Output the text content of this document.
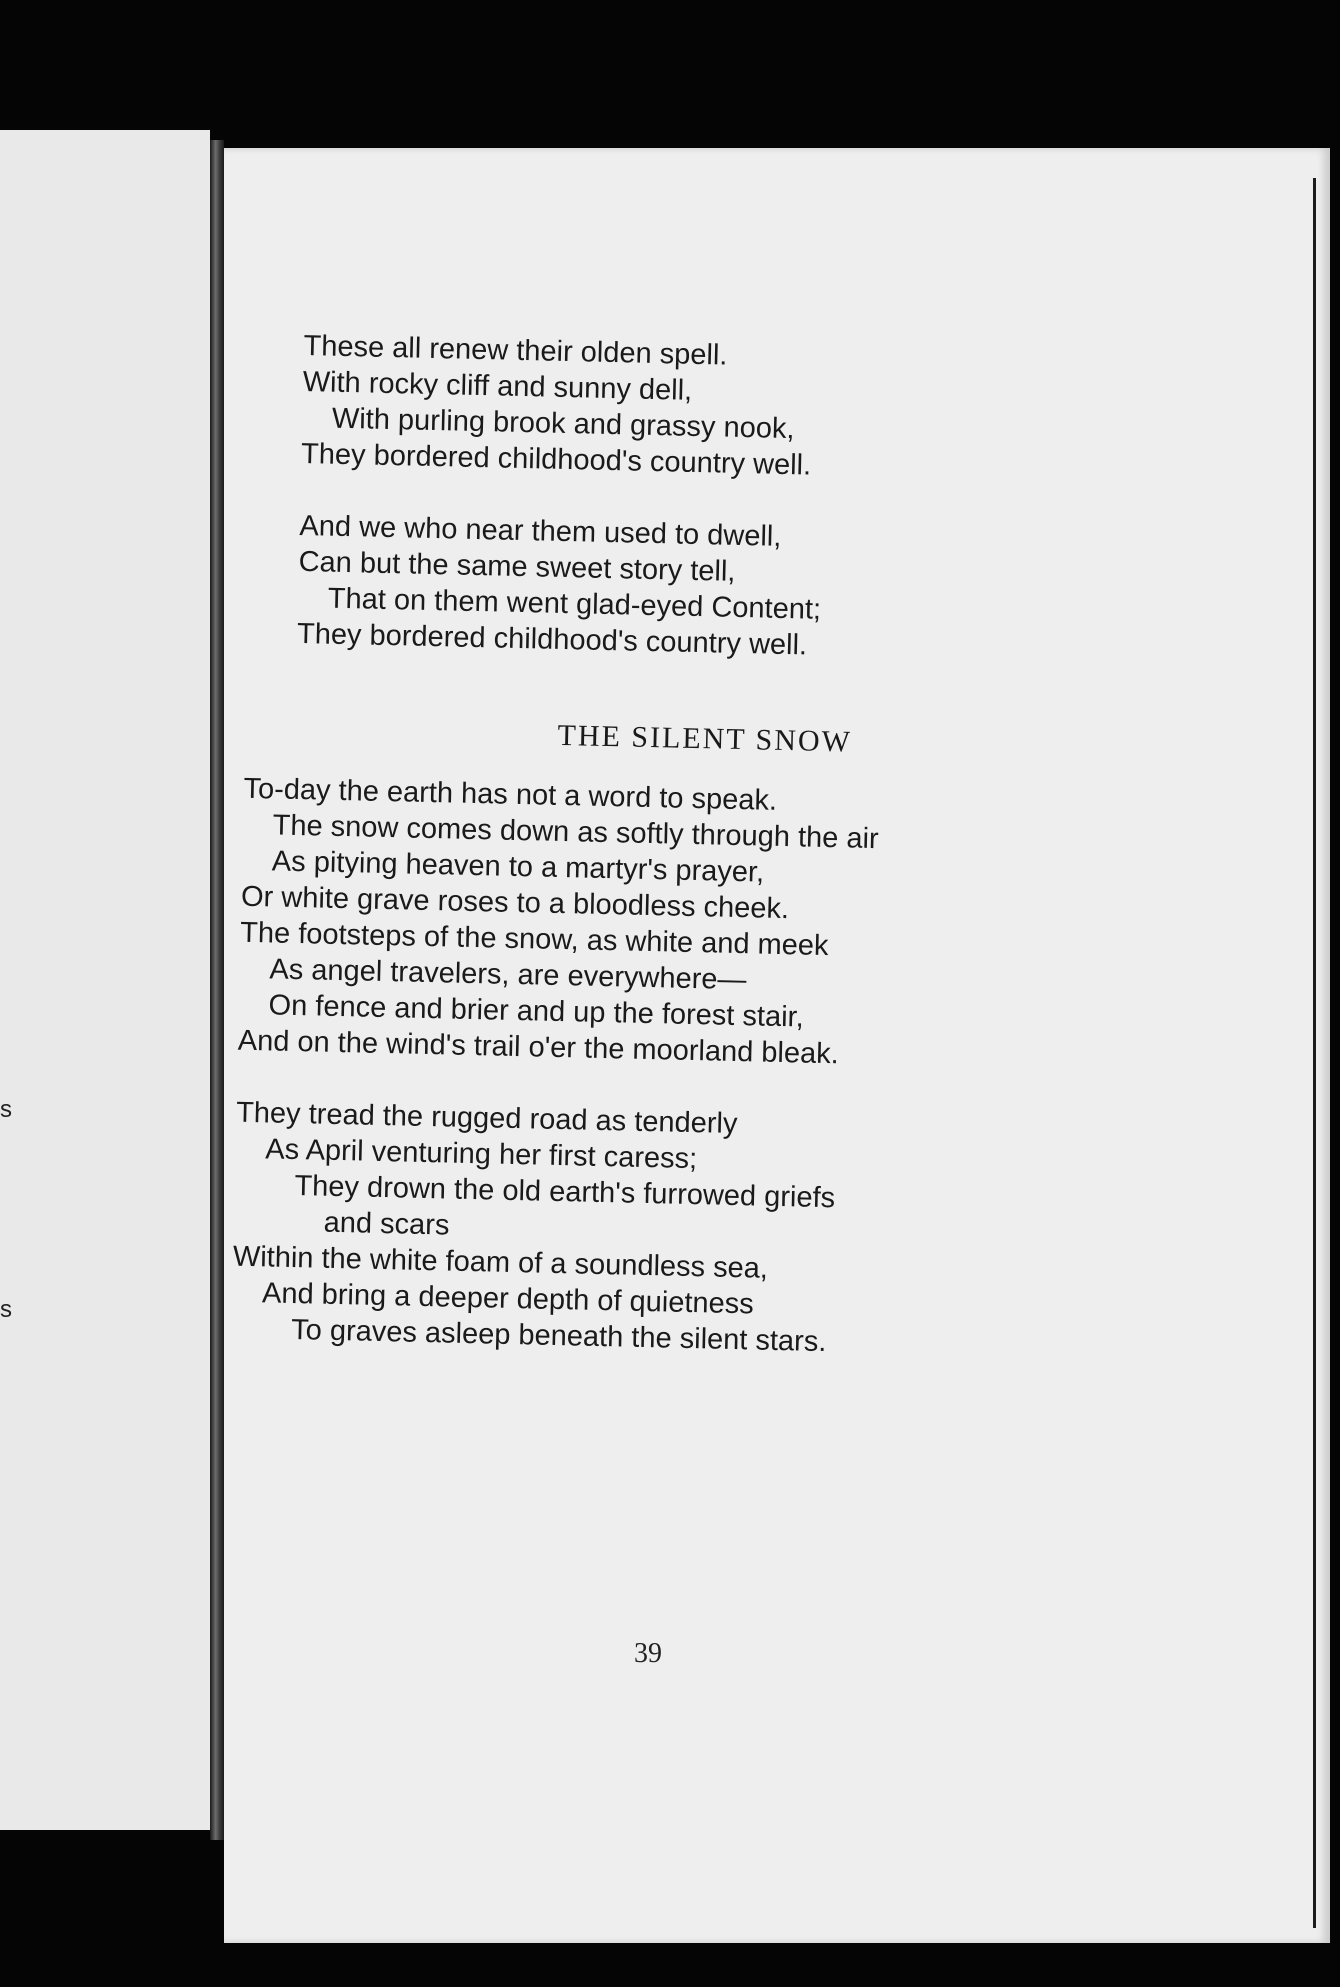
s
s
These all renew their olden spell.
With rocky cliff and sunny dell,
With purling brook and grassy nook,
They bordered childhood's country well.
And we who near them used to dwell,
Can but the same sweet story tell,
That on them went glad-eyed Content;
They bordered childhood's country well.
THE SILENT SNOW
To-day the earth has not a word to speak.
The snow comes down as softly through the air
As pitying heaven to a martyr's prayer,
Or white grave roses to a bloodless cheek.
The footsteps of the snow, as white and meek
As angel travelers, are everywhere—
On fence and brier and up the forest stair,
And on the wind's trail o'er the moorland bleak.
They tread the rugged road as tenderly
As April venturing her first caress;
They drown the old earth's furrowed griefs
and scars
Within the white foam of a soundless sea,
And bring a deeper depth of quietness
To graves asleep beneath the silent stars.
39
